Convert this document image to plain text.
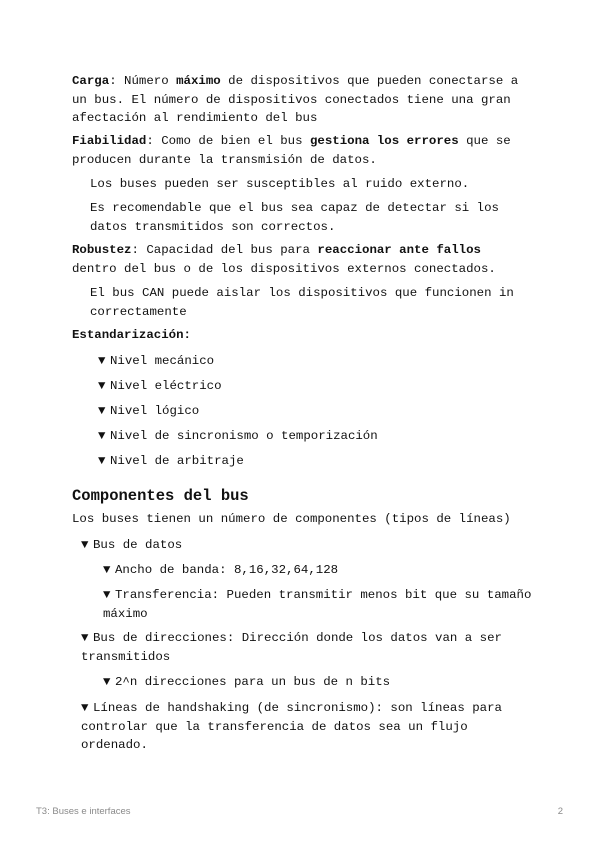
Carga: Número máximo de dispositivos que pueden conectarse a un bus. El número de dispositivos conectados tiene una gran afectación al rendimiento del bus

Fiabilidad: Como de bien el bus gestiona los errores que se producen durante la transmisión de datos.

Los buses pueden ser susceptibles al ruido externo.

Es recomendable que el bus sea capaz de detectar si los datos transmitidos son correctos.

Robustez: Capacidad del bus para reaccionar ante fallos dentro del bus o de los dispositivos externos conectados.

El bus CAN puede aislar los dispositivos que funcionen in correctamente

Estandarización:

▼ Nivel mecánico

▼ Nivel eléctrico

▼ Nivel lógico

▼ Nivel de sincronismo o temporización

▼ Nivel de arbitraje

Componentes del bus

Los buses tienen un número de componentes (tipos de líneas)

▼ Bus de datos

▼ Ancho de banda: 8,16,32,64,128

▼ Transferencia: Pueden transmitir menos bit que su tamaño máximo

▼ Bus de direcciones: Dirección donde los datos van a ser transmitidos

▼ 2^n direcciones para un bus de n bits

▼ Líneas de handshaking (de sincronismo): son líneas para controlar que la transferencia de datos sea un flujo ordenado.

T3: Buses e interfaces	2
